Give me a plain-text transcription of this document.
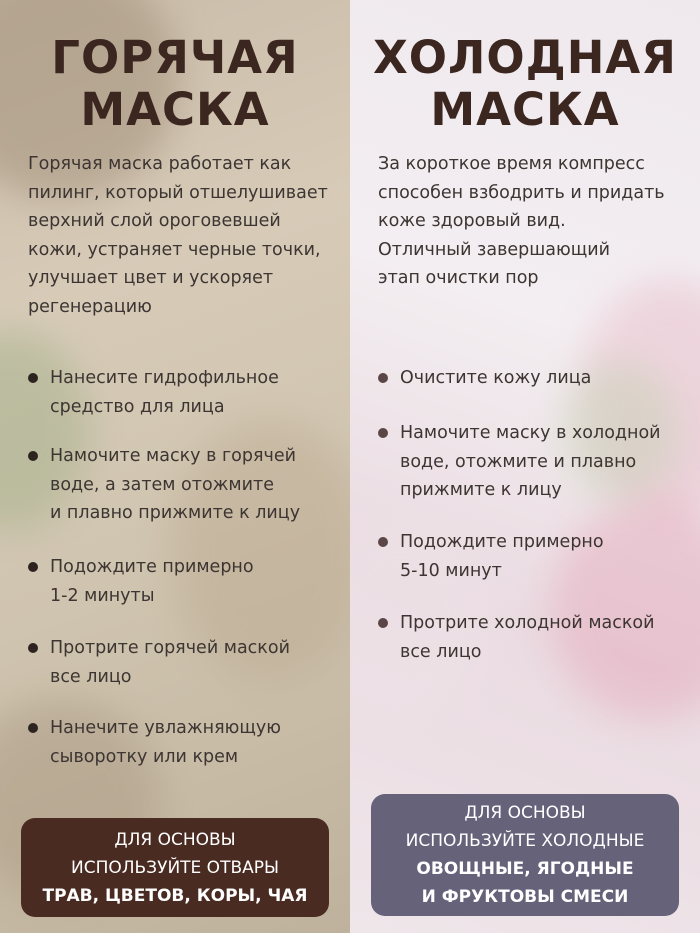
ГОРЯЧАЯ
МАСКА
Горячая маска работает как
пилинг, который отшелушивает
верхний слой ороговевшей
кожи, устраняет черные точки,
улучшает цвет и ускоряет
регенерацию
Нанесите гидрофильное
средство для лица
Намочите маску в горячей
воде, а затем отожмите
и плавно прижмите к лицу
Подождите примерно
1-2 минуты
Протрите горячей маской
все лицо
Нанечите увлажняющую
сыворотку или крем
ДЛЯ ОСНОВЫ
ИСПОЛЬЗУЙТЕ ОТВАРЫ
ТРАВ, ЦВЕТОВ, КОРЫ, ЧАЯ
ХОЛОДНАЯ
МАСКА
За короткое время компресс
способен взбодрить и придать
коже здоровый вид.
Отличный завершающий
этап очистки пор
Очистите кожу лица
Намочите маску в холодной
воде, отожмите и плавно
прижмите к лицу
Подождите примерно
5-10 минут
Протрите холодной маской
все лицо
ДЛЯ ОСНОВЫ
ИСПОЛЬЗУЙТЕ ХОЛОДНЫЕ
ОВОЩНЫЕ, ЯГОДНЫЕ
И ФРУКТОВЫ СМЕСИ
